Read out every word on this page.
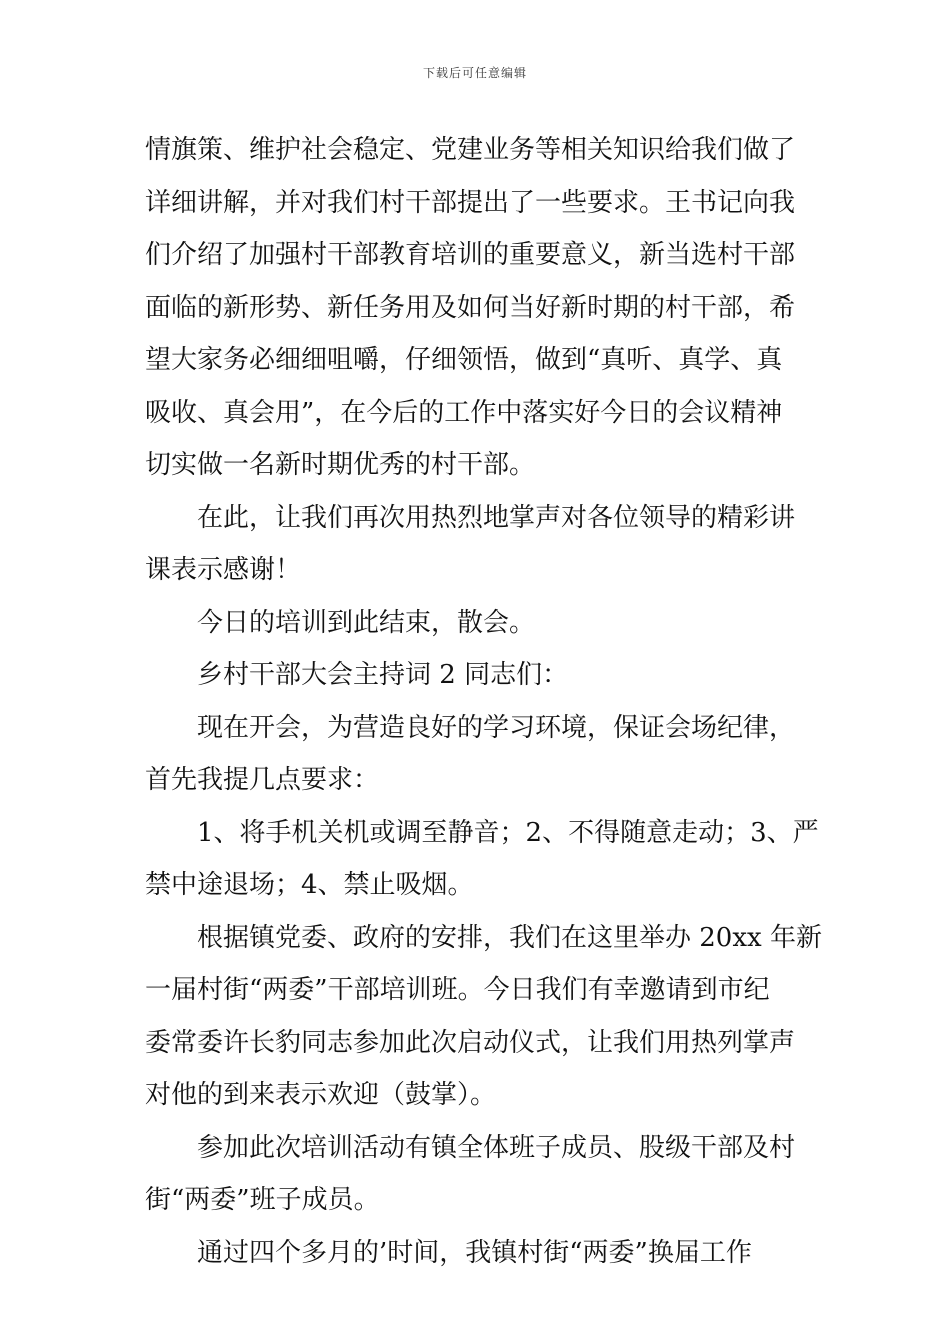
下载后可任意编辑
情旗策、维护社会稳定、党建业务等相关知识给我们做了
详细讲解，并对我们村干部提出了一些要求。王书记向我
们介绍了加强村干部教育培训的重要意义，新当选村干部
面临的新形势、新任务用及如何当好新时期的村干部，希
望大家务必细细咀嚼，仔细领悟，做到“真听、真学、真
吸收、真会用”，在今后的工作中落实好今日的会议精神
切实做一名新时期优秀的村干部。
在此，让我们再次用热烈地掌声对各位领导的精彩讲
课表示感谢！
今日的培训到此结束，散会。
乡村干部大会主持词 2 同志们：
现在开会，为营造良好的学习环境，保证会场纪律，
首先我提几点要求：
1、将手机关机或调至静音；2、不得随意走动；3、严
禁中途退场；4、禁止吸烟。
根据镇党委、政府的安排，我们在这里举办 20xx 年新
一届村街“两委”干部培训班。今日我们有幸邀请到市纪
委常委许长豹同志参加此次启动仪式，让我们用热列掌声
对他的到来表示欢迎（鼓掌）。
参加此次培训活动有镇全体班子成员、股级干部及村
街“两委”班子成员。
通过四个多月的’时间，我镇村街“两委”换届工作
